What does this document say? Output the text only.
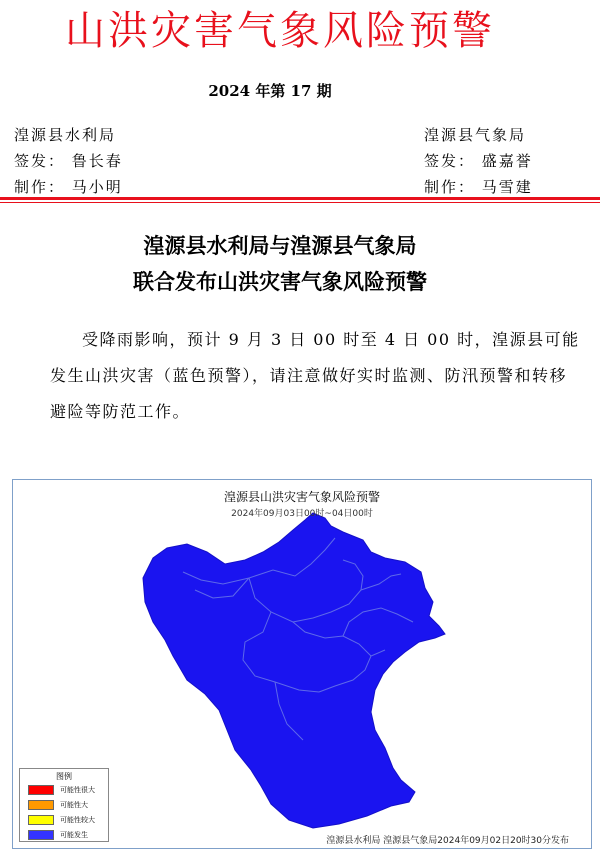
山洪灾害气象风险预警
2024 年第 17 期
湟源县水利局
签发： 鲁长春
制作： 马小明
湟源县气象局
签发： 盛嘉誉
制作： 马雪建
湟源县水利局与湟源县气象局
联合发布山洪灾害气象风险预警
受降雨影响，预计 9 月 3 日 00 时至 4 日 00 时，湟源县可能发生山洪灾害（蓝色预警），请注意做好实时监测、防汛预警和转移避险等防范工作。
湟源县山洪灾害气象风险预警
2024年09月03日00时~04日00时
图例
可能性很大
可能性大
可能性较大
可能发生
湟源县水利局 湟源县气象局2024年09月02日20时30分发布
